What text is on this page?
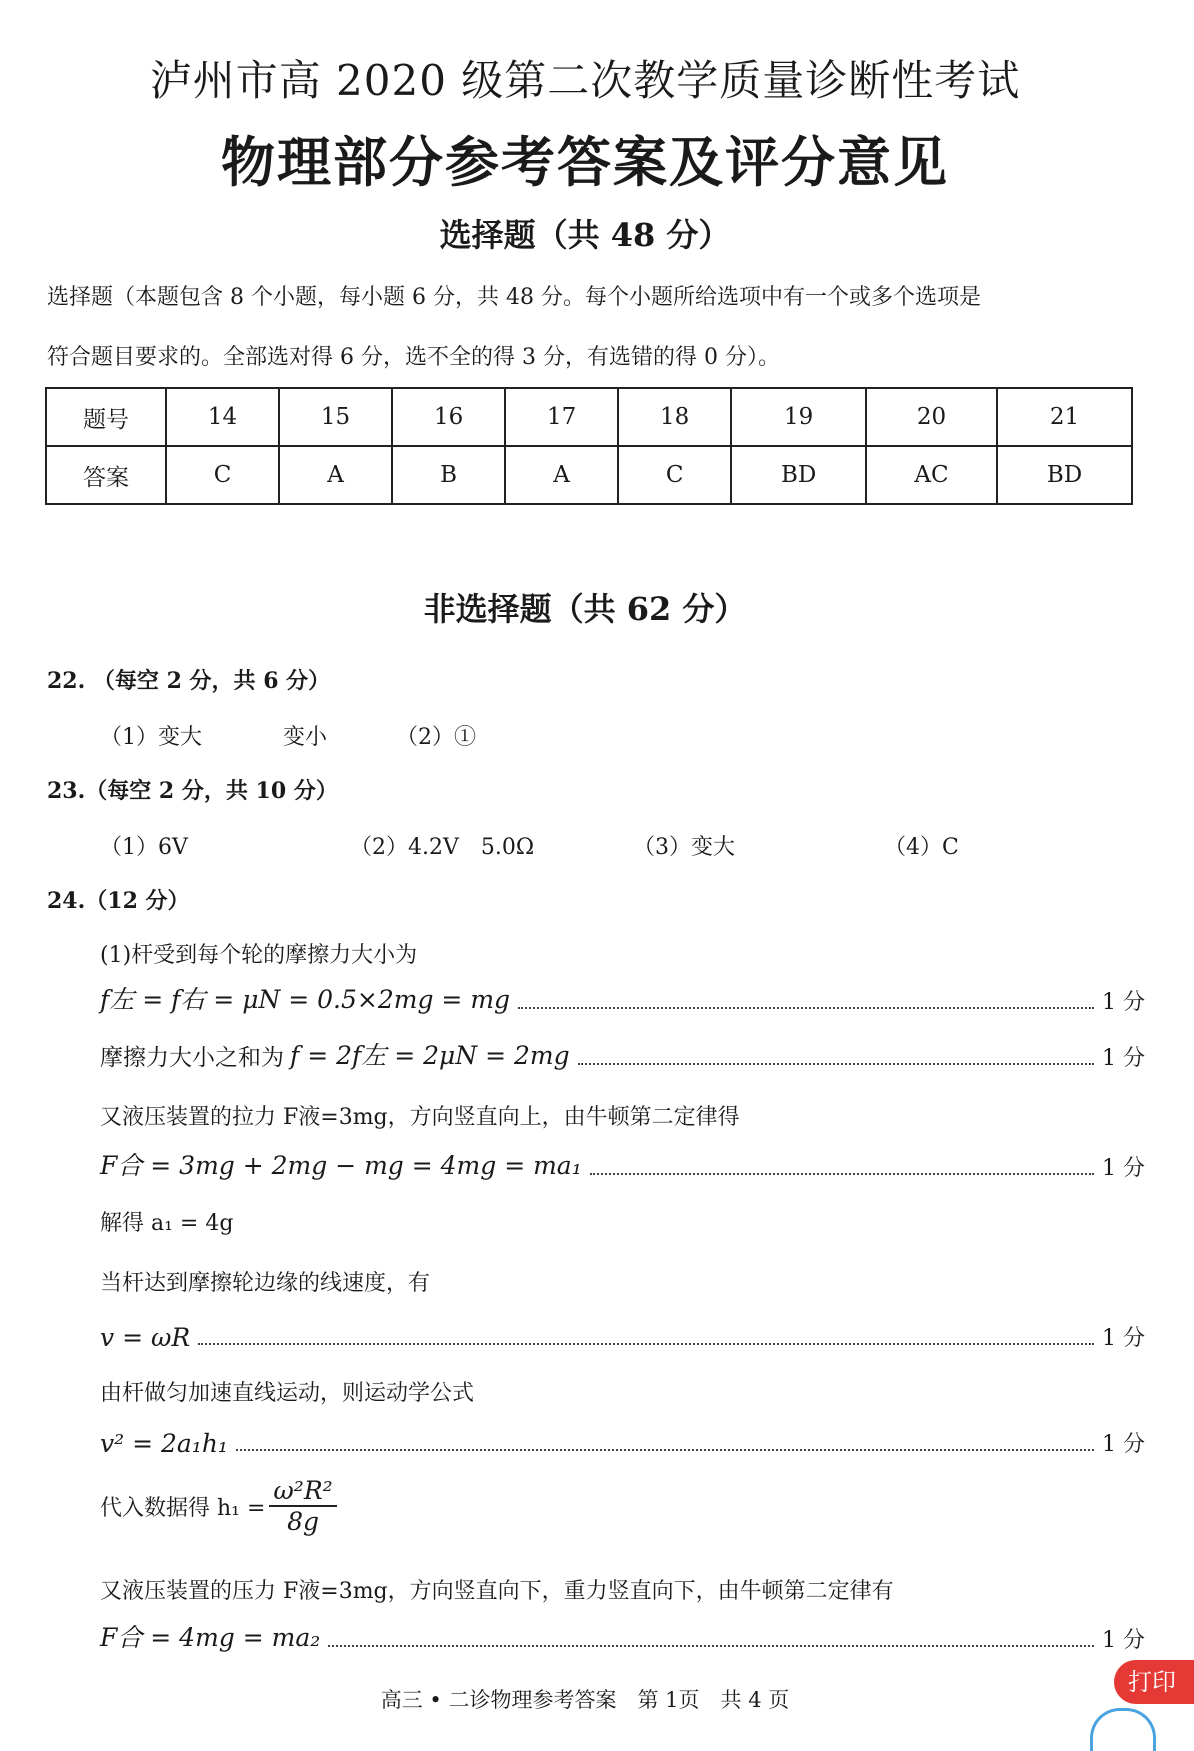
泸州市高 2020 级第二次教学质量诊断性考试
物理部分参考答案及评分意见
选择题（共 48 分）
选择题（本题包含 8 个小题，每小题 6 分，共 48 分。每个小题所给选项中有一个或多个选项是
符合题目要求的。全部选对得 6 分，选不全的得 3 分，有选错的得 0 分）。
题号	14	15	16	17	18	19	20	21
答案	C	A	B	A	C	BD	AC	BD
非选择题（共 62 分）
22. （每空 2 分，共 6 分）
（1）变大	变小	（2）①
23.（每空 2 分，共 10 分）
（1）6V	（2）4.2V　5.0Ω	（3）变大	（4）C
24.（12 分）
(1)杆受到每个轮的摩擦力大小为
f左 = f右 = μN = 0.5×2mg = mg	1 分
摩擦力大小之和为 f = 2f左 = 2μN = 2mg	1 分
又液压装置的拉力 F液=3mg，方向竖直向上，由牛顿第二定律得
F合 = 3mg + 2mg − mg = 4mg = ma₁	1 分
解得 a₁ = 4g
当杆达到摩擦轮边缘的线速度，有
v = ωR	1 分
由杆做匀加速直线运动，则运动学公式
v² = 2a₁h₁	1 分
代入数据得 $h_1 = \frac{\text{ω²R²}}{8g}$
又液压装置的压力 F液=3mg，方向竖直向下，重力竖直向下，由牛顿第二定律有
F合 = 4mg = ma₂	1 分
高三 • 二诊物理参考答案　第 1页　共 4 页
打印
